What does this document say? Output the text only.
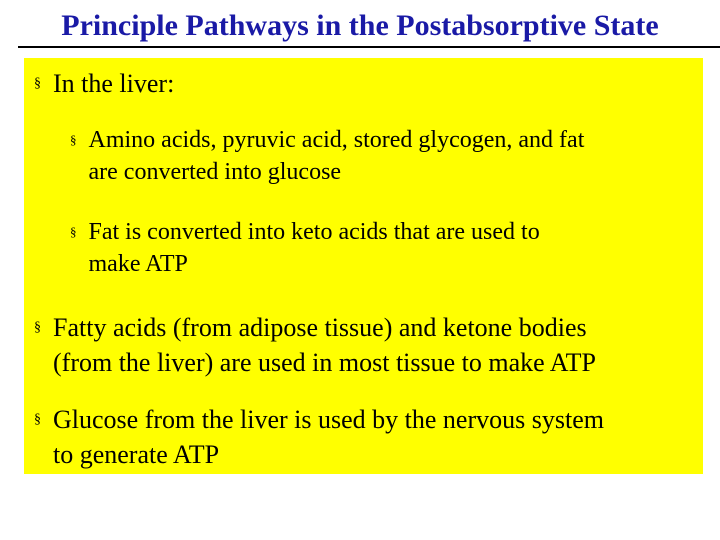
Principle Pathways in the Postabsorptive State
§ In the liver:
§ Amino acids, pyruvic acid, stored glycogen, and fat
are converted into glucose
§ Fat is converted into keto acids that are used to
make ATP
§ Fatty acids (from adipose tissue) and ketone bodies
(from the liver) are used in most tissue to make ATP
§ Glucose from the liver is used by the nervous system
to generate ATP
